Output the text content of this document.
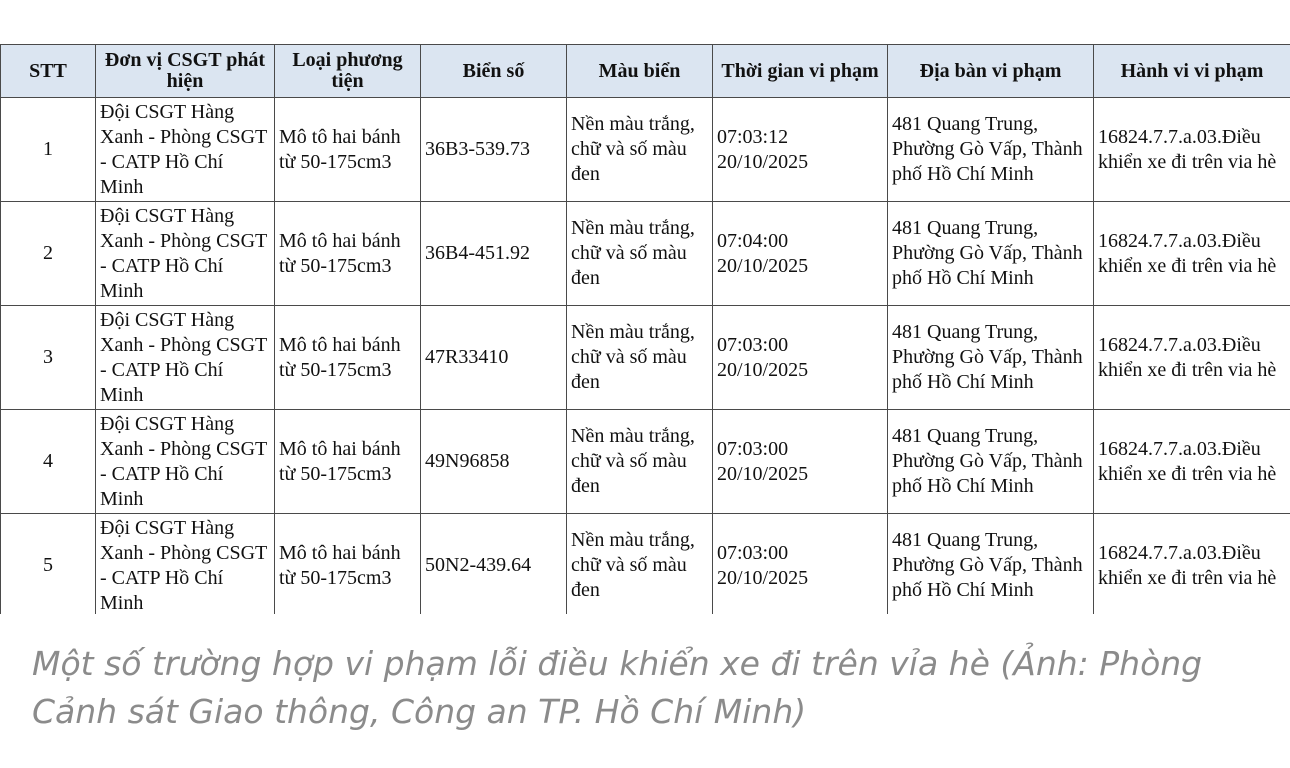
STT	Đơn vị CSGT phát hiện	Loại phương tiện	Biển số	Màu biển	Thời gian vi phạm	Địa bàn vi phạm	Hành vi vi phạm
1	Đội CSGT Hàng Xanh - Phòng CSGT - CATP Hồ Chí Minh	Mô tô hai bánh từ 50-175cm3	36B3-539.73	Nền màu trắng, chữ và số màu đen	07:03:12 20/10/2025	481 Quang Trung, Phường Gò Vấp, Thành phố Hồ Chí Minh	16824.7.7.a.03.Điều khiển xe đi trên via hè
2	Đội CSGT Hàng Xanh - Phòng CSGT - CATP Hồ Chí Minh	Mô tô hai bánh từ 50-175cm3	36B4-451.92	Nền màu trắng, chữ và số màu đen	07:04:00 20/10/2025	481 Quang Trung, Phường Gò Vấp, Thành phố Hồ Chí Minh	16824.7.7.a.03.Điều khiển xe đi trên via hè
3	Đội CSGT Hàng Xanh - Phòng CSGT - CATP Hồ Chí Minh	Mô tô hai bánh từ 50-175cm3	47R33410	Nền màu trắng, chữ và số màu đen	07:03:00 20/10/2025	481 Quang Trung, Phường Gò Vấp, Thành phố Hồ Chí Minh	16824.7.7.a.03.Điều khiển xe đi trên via hè
4	Đội CSGT Hàng Xanh - Phòng CSGT - CATP Hồ Chí Minh	Mô tô hai bánh từ 50-175cm3	49N96858	Nền màu trắng, chữ và số màu đen	07:03:00 20/10/2025	481 Quang Trung, Phường Gò Vấp, Thành phố Hồ Chí Minh	16824.7.7.a.03.Điều khiển xe đi trên via hè
5	Đội CSGT Hàng Xanh - Phòng CSGT - CATP Hồ Chí Minh	Mô tô hai bánh từ 50-175cm3	50N2-439.64	Nền màu trắng, chữ và số màu đen	07:03:00 20/10/2025	481 Quang Trung, Phường Gò Vấp, Thành phố Hồ Chí Minh	16824.7.7.a.03.Điều khiển xe đi trên via hè

Một số trường hợp vi phạm lỗi điều khiển xe đi trên vỉa hè (Ảnh: Phòng Cảnh sát Giao thông, Công an TP. Hồ Chí Minh)
